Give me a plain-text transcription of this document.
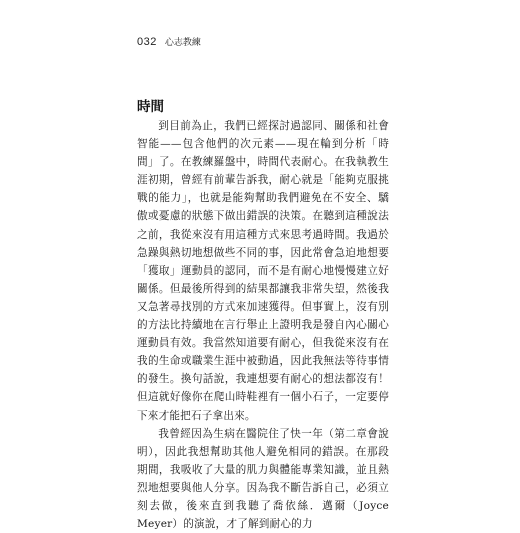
032 心志教練
時間

到目前為止，我們已經探討過認同、關係和社會智能——包含他們的次元素——現在輪到分析「時間」了。在教練羅盤中，時間代表耐心。在我執教生涯初期，曾經有前輩告訴我，耐心就是「能夠克服挑戰的能力」，也就是能夠幫助我們避免在不安全、驕傲或憂慮的狀態下做出錯誤的決策。在聽到這種說法之前，我從來沒有用這種方式來思考過時間。我過於急躁與熱切地想做些不同的事，因此常會急迫地想要「獲取」運動員的認同，而不是有耐心地慢慢建立好關係。但最後所得到的結果都讓我非常失望，然後我又急著尋找別的方式來加速獲得。但事實上，沒有別的方法比持續地在言行舉止上證明我是發自內心關心運動員有效。我當然知道要有耐心，但我從來沒有在我的生命或職業生涯中被動過，因此我無法等待事情的發生。換句話說，我連想要有耐心的想法都沒有！但這就好像你在爬山時鞋裡有一個小石子，一定要停下來才能把石子拿出來。

我曾經因為生病在醫院住了快一年（第二章會說明），因此我想幫助其他人避免相同的錯誤。在那段期間，我吸收了大量的肌力與體能專業知識，並且熱烈地想要與他人分享。因為我不斷告訴自己，必須立刻去做，後來直到我聽了喬依絲．邁爾（Joyce Meyer）的演說，才了解到耐心的力
